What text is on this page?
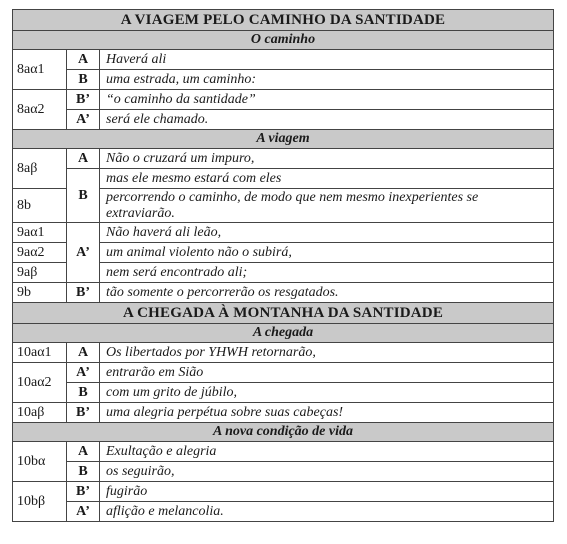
A VIAGEM PELO CAMINHO DA SANTIDADE		
O caminho		
8aα1	A	Haverá ali
	B	uma estrada, um caminho:
8aα2	B’	“o caminho da santidade”
	A’	será ele chamado.
A viagem		
8aβ	A	Não o cruzará um impuro,
	B	mas ele mesmo estará com eles
8b		percorrendo o caminho, de modo que nem mesmo inexperientes se extraviarão.
9aα1	A’	Não haverá ali leão,
9aα2		um animal violento não o subirá,
9aβ		nem será encontrado ali;
9b	B’	tão somente o percorrerão os resgatados.
A CHEGADA À MONTANHA DA SANTIDADE		
A chegada		
10aα1	A	Os libertados por YHWH retornarão,
10aα2	A’	entrarão em Sião
	B	com um grito de júbilo,
10aβ	B’	uma alegria perpétua sobre suas cabeças!
A nova condição de vida		
10bα	A	Exultação e alegria
	B	os seguirão,
10bβ	B’	fugirão
	A’	aflição e melancolia.
